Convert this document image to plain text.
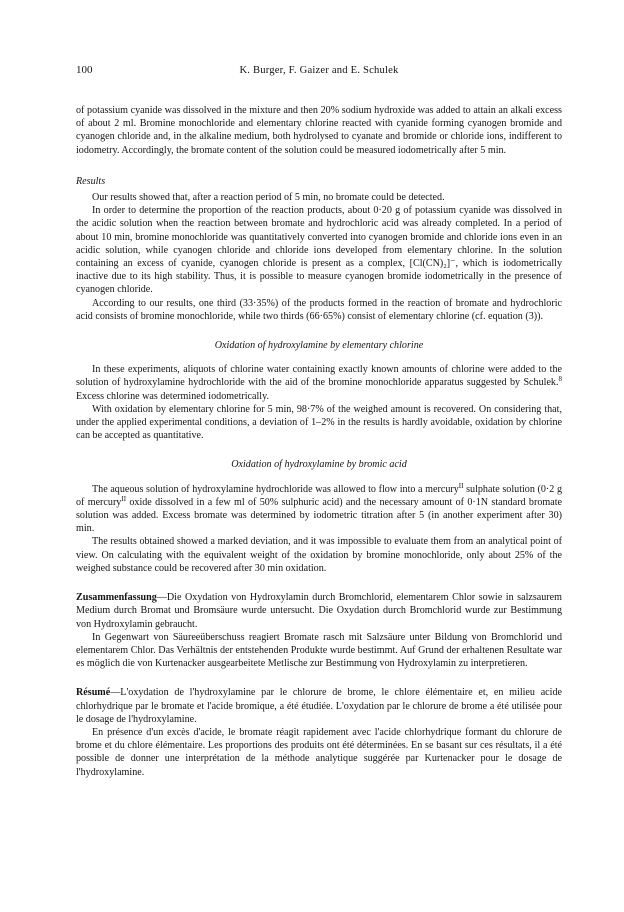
100	K. Burger, F. Gaizer and E. Schulek

of potassium cyanide was dissolved in the mixture and then 20% sodium hydroxide was added to attain an alkali excess of about 2 ml. Bromine monochloride and elementary chlorine reacted with cyanide forming cyanogen bromide and cyanogen chloride and, in the alkaline medium, both hydrolysed to cyanate and bromide or chloride ions, indifferent to iodometry. Accordingly, the bromate content of the solution could be measured iodometrically after 5 min.

Results

Our results showed that, after a reaction period of 5 min, no bromate could be detected.

In order to determine the proportion of the reaction products, about 0·20 g of potassium cyanide was dissolved in the acidic solution when the reaction between bromate and hydrochloric acid was already completed. In a period of about 10 min, bromine monochloride was quantitatively converted into cyanogen bromide and chloride ions even in an acidic solution, while cyanogen chloride and chloride ions developed from elementary chlorine. In the solution containing an excess of cyanide, cyanogen chloride is present as a complex, [Cl(CN)₂]⁻, which is iodometrically inactive due to its high stability. Thus, it is possible to measure cyanogen bromide iodometrically in the presence of cyanogen chloride.

According to our results, one third (33·35%) of the products formed in the reaction of bromate and hydrochloric acid consists of bromine monochloride, while two thirds (66·65%) consist of elementary chlorine (cf. equation (3)).

Oxidation of hydroxylamine by elementary chlorine

In these experiments, aliquots of chlorine water containing exactly known amounts of chlorine were added to the solution of hydroxylamine hydrochloride with the aid of the bromine monochloride apparatus suggested by Schulek.$^8$ Excess chlorine was determined iodometrically.

With oxidation by elementary chlorine for 5 min, 98·7% of the weighed amount is recovered. On considering that, under the applied experimental conditions, a deviation of 1–2% in the results is hardly avoidable, oxidation by chlorine can be accepted as quantitative.

Oxidation of hydroxylamine by bromic acid

The aqueous solution of hydroxylamine hydrochloride was allowed to flow into a mercury$^{II}$ sulphate solution (0·2 g of mercury$^{II}$ oxide dissolved in a few ml of 50% sulphuric acid) and the necessary amount of 0·1N standard bromate solution was added. Excess bromate was determined by iodometric titration after 5 (in another experiment after 30) min.

The results obtained showed a marked deviation, and it was impossible to evaluate them from an analytical point of view. On calculating with the equivalent weight of the oxidation by bromine monochloride, only about 25% of the weighed substance could be recovered after 30 min oxidation.

Zusammenfassung—Die Oxydation von Hydroxylamin durch Bromchlorid, elementarem Chlor sowie in salzsaurem Medium durch Bromat und Bromsäure wurde untersucht. Die Oxydation durch Bromchlorid wurde zur Bestimmung von Hydroxylamin gebraucht.

In Gegenwart von Säureeüberschuss reagiert Bromate rasch mit Salzsäure unter Bildung von Bromchlorid und elementarem Chlor. Das Verhältnis der entstehenden Produkte wurde bestimmt. Auf Grund der erhaltenen Resultate war es möglich die von Kurtenacker ausgearbeitete Metlische zur Bestimmung von Hydroxylamin zu interpretieren.

Résumé—L'oxydation de l'hydroxylamine par le chlorure de brome, le chlore élémentaire et, en milieu acide chlorhydrique par le bromate et l'acide bromique, a été étudiée. L'oxydation par le chlorure de brome a été utilisée pour le dosage de l'hydroxylamine.

En présence d'un excès d'acide, le bromate réagit rapidement avec l'acide chlorhydrique formant du chlorure de brome et du chlore élémentaire. Les proportions des produits ont été déterminées. En se basant sur ces résultats, il a été possible de donner une interprétation de la méthode analytique suggérée par Kurtenacker pour le dosage de l'hydroxylamine.
